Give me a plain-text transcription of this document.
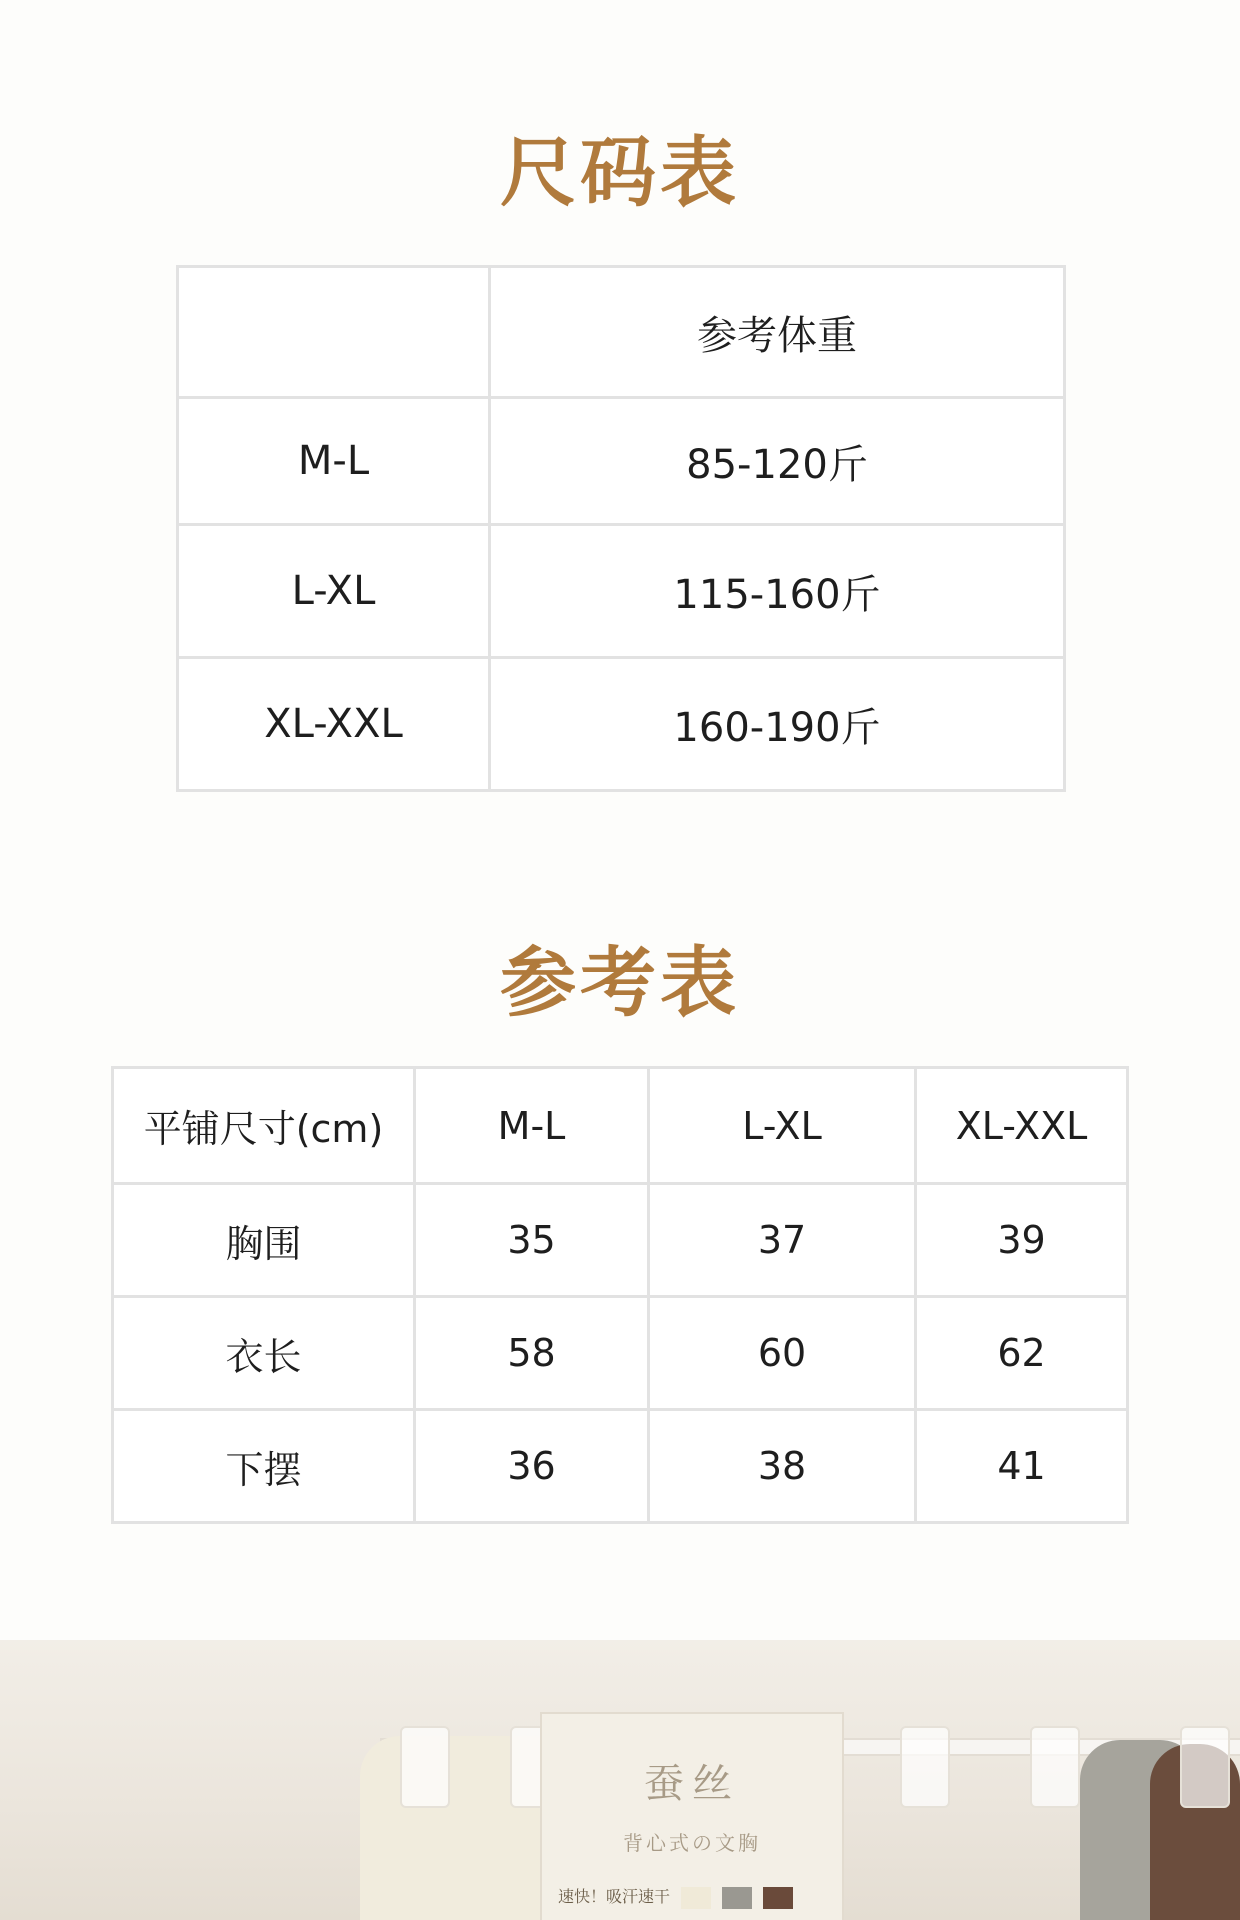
尺码表
	参考体重
M-L	85-120斤
L-XL	115-160斤
XL-XXL	160-190斤
参考表
平铺尺寸(cm)	M-L	L-XL	XL-XXL
胸围	35	37	39
衣长	58	60	62
下摆	36	38	41
蚕丝
背心式の文胸
速快！吸汗速干
